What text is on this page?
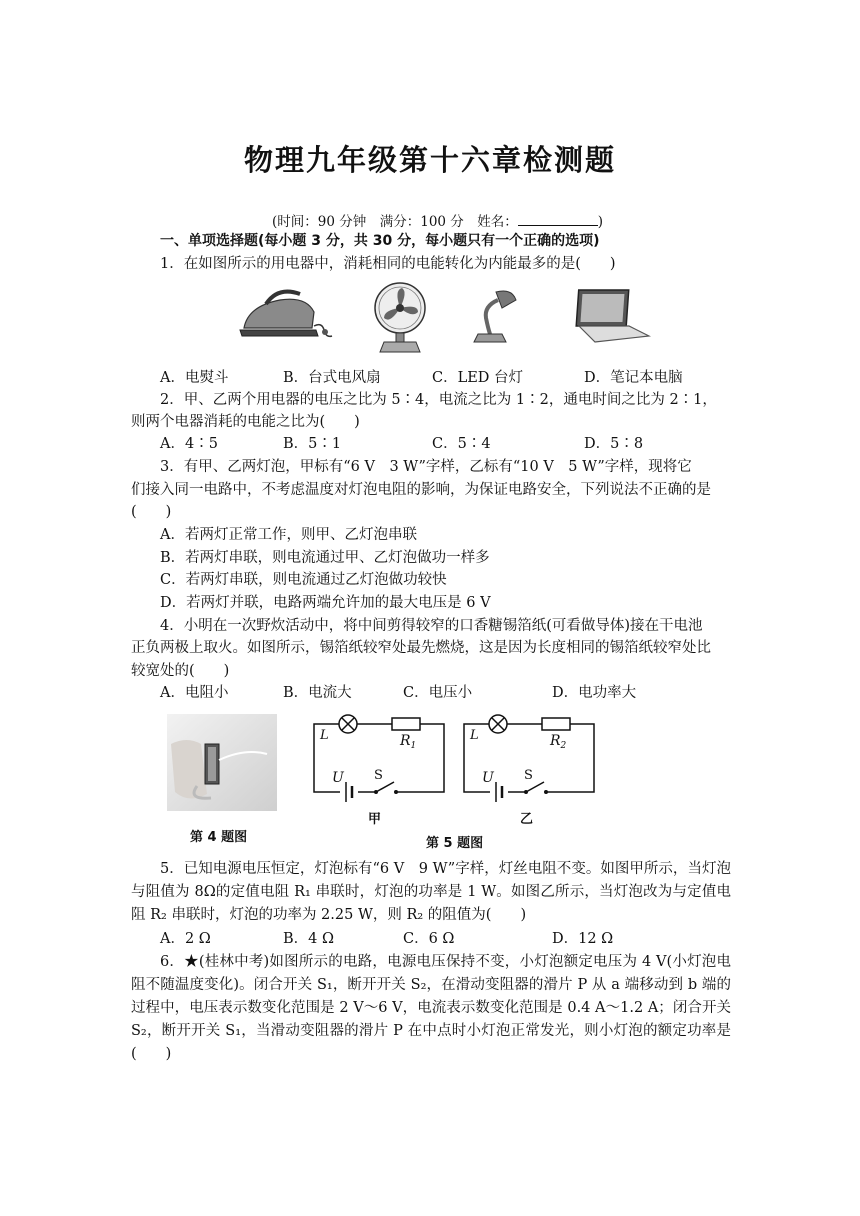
物理九年级第十六章检测题
(时间：90 分钟　满分：100 分　姓名：	)
一、单项选择题(每小题 3 分，共 30 分，每小题只有一个正确的选项)
1．在如图所示的用电器中，消耗相同的电能转化为内能最多的是(　　)
A．电熨斗	B．台式电风扇	C．LED 台灯	D．笔记本电脑
2．甲、乙两个用电器的电压之比为 5∶4，电流之比为 1∶2，通电时间之比为 2∶1，
则两个电器消耗的电能之比为(　　)
A．4∶5	B．5∶1	C．5∶4	D．5∶8
3．有甲、乙两灯泡，甲标有“6 V　3 W”字样，乙标有“10 V　5 W”字样，现将它
们接入同一电路中，不考虑温度对灯泡电阻的影响，为保证电路安全，下列说法不正确的是
(　　)
A．若两灯正常工作，则甲、乙灯泡串联
B．若两灯串联，则电流通过甲、乙灯泡做功一样多
C．若两灯串联，则电流通过乙灯泡做功较快
D．若两灯并联，电路两端允许加的最大电压是 6 V
4．小明在一次野炊活动中，将中间剪得较窄的口香糖锡箔纸(可看做导体)接在干电池
正负两极上取火。如图所示，锡箔纸较窄处最先燃烧，这是因为长度相同的锡箔纸较窄处比
较宽处的(　　)
A．电阻小	B．电流大	C．电压小	D．电功率大
第 4 题图
L	$R_1$
U S
甲
L	$R_2$
U S
乙
第 5 题图
5．已知电源电压恒定，灯泡标有“6 V　9 W”字样，灯丝电阻不变。如图甲所示，当灯泡与阻值为 8Ω的定值电阻 R₁ 串联时，灯泡的功率是 1 W。如图乙所示，当灯泡改为与定值电阻 R₂ 串联时，灯泡的功率为 2.25 W，则 R₂ 的阻值为(　　)
A．2 Ω	B．4 Ω	C．6 Ω	D．12 Ω
6．★(桂林中考)如图所示的电路，电源电压保持不变，小灯泡额定电压为 4 V(小灯泡电阻不随温度变化)。闭合开关 S₁，断开开关 S₂，在滑动变阻器的滑片 P 从 a 端移动到 b 端的过程中，电压表示数变化范围是 2 V～6 V，电流表示数变化范围是 0.4 A～1.2 A；闭合开关 S₂，断开开关 S₁，当滑动变阻器的滑片 P 在中点时小灯泡正常发光，则小灯泡的额定功率是(　　)
